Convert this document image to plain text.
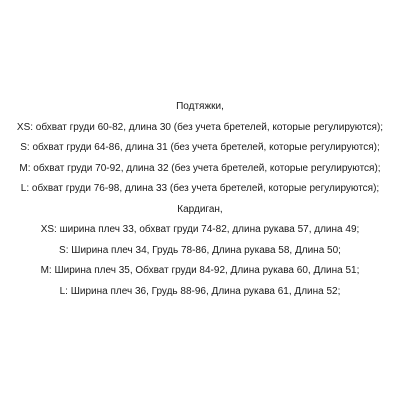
Подтяжки,

XS: обхват груди 60-82, длина 30 (без учета бретелей, которые регулируются);

S: обхват груди 64-86, длина 31 (без учета бретелей, которые регулируются);

M: обхват груди 70-92, длина 32 (без учета бретелей, которые регулируются);

L: обхват груди 76-98, длина 33 (без учета бретелей, которые регулируются);

Кардиган,

XS: ширина плеч 33, обхват груди 74-82, длина рукава 57, длина 49;

S: Ширина плеч 34, Грудь 78-86, Длина рукава 58, Длина 50;

M: Ширина плеч 35, Обхват груди 84-92, Длина рукава 60, Длина 51;

L: Ширина плеч 36, Грудь 88-96, Длина рукава 61, Длина 52;
